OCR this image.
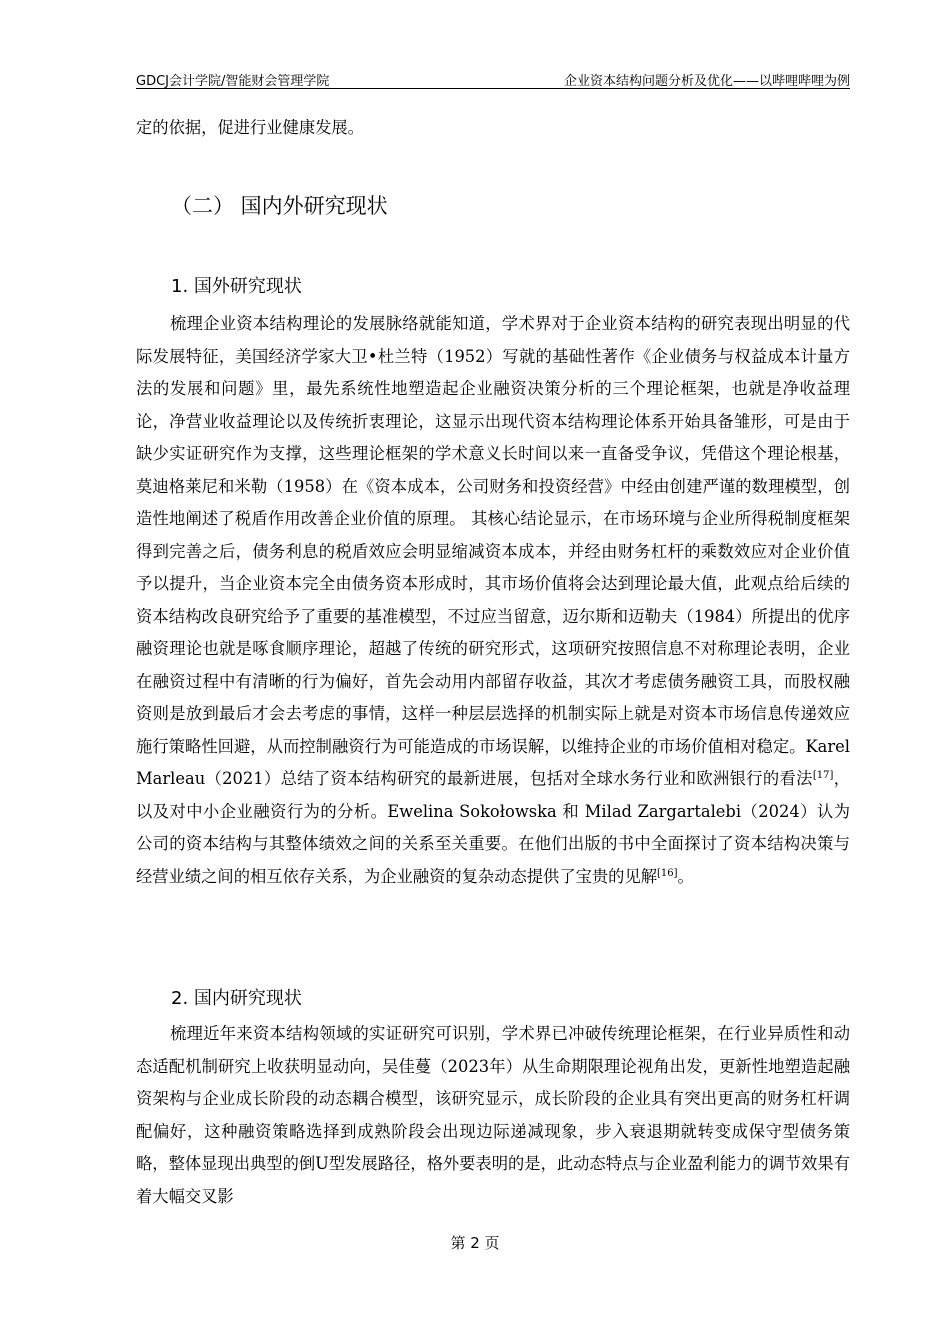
GDCJ会计学院/智能财会管理学院	企业资本结构问题分析及优化——以哔哩哔哩为例
定的依据，促进行业健康发展。
（二） 国内外研究现状
1. 国外研究现状
梳理企业资本结构理论的发展脉络就能知道，学术界对于企业资本结构的研究表现出明显的代际发展特征，美国经济学家大卫•杜兰特（1952）写就的基础性著作《企业债务与权益成本计量方法的发展和问题》里，最先系统性地塑造起企业融资决策分析的三个理论框架，也就是净收益理论，净营业收益理论以及传统折衷理论，这显示出现代资本结构理论体系开始具备雏形，可是由于缺少实证研究作为支撑，这些理论框架的学术意义长时间以来一直备受争议，凭借这个理论根基，莫迪格莱尼和米勒（1958）在《资本成本，公司财务和投资经营》中经由创建严谨的数理模型，创造性地阐述了税盾作用改善企业价值的原理。 其核心结论显示，在市场环境与企业所得税制度框架得到完善之后，债务利息的税盾效应会明显缩减资本成本，并经由财务杠杆的乘数效应对企业价值予以提升，当企业资本完全由债务资本形成时，其市场价值将会达到理论最大值，此观点给后续的资本结构改良研究给予了重要的基准模型，不过应当留意，迈尔斯和迈勒夫（1984）所提出的优序融资理论也就是啄食顺序理论，超越了传统的研究形式，这项研究按照信息不对称理论表明，企业在融资过程中有清晰的行为偏好，首先会动用内部留存收益，其次才考虑债务融资工具，而股权融资则是放到最后才会去考虑的事情，这样一种层层选择的机制实际上就是对资本市场信息传递效应施行策略性回避，从而控制融资行为可能造成的市场误解，以维持企业的市场价值相对稳定。Karel Marleau（2021）总结了资本结构研究的最新进展，包括对全球水务行业和欧洲银行的看法[17]，以及对中小企业融资行为的分析。Ewelina Sokołowska 和 Milad Zargartalebi（2024）认为公司的资本结构与其整体绩效之间的关系至关重要。在他们出版的书中全面探讨了资本结构决策与经营业绩之间的相互依存关系，为企业融资的复杂动态提供了宝贵的见解[16]。
2. 国内研究现状
梳理近年来资本结构领域的实证研究可识别，学术界已冲破传统理论框架，在行业异质性和动态适配机制研究上收获明显动向，吴佳蔓（2023年）从生命期限理论视角出发，更新性地塑造起融资架构与企业成长阶段的动态耦合模型，该研究显示，成长阶段的企业具有突出更高的财务杠杆调配偏好，这种融资策略选择到成熟阶段会出现边际递减现象，步入衰退期就转变成保守型债务策略，整体显现出典型的倒U型发展路径，格外要表明的是，此动态特点与企业盈利能力的调节效果有着大幅交叉影
第 2 页
